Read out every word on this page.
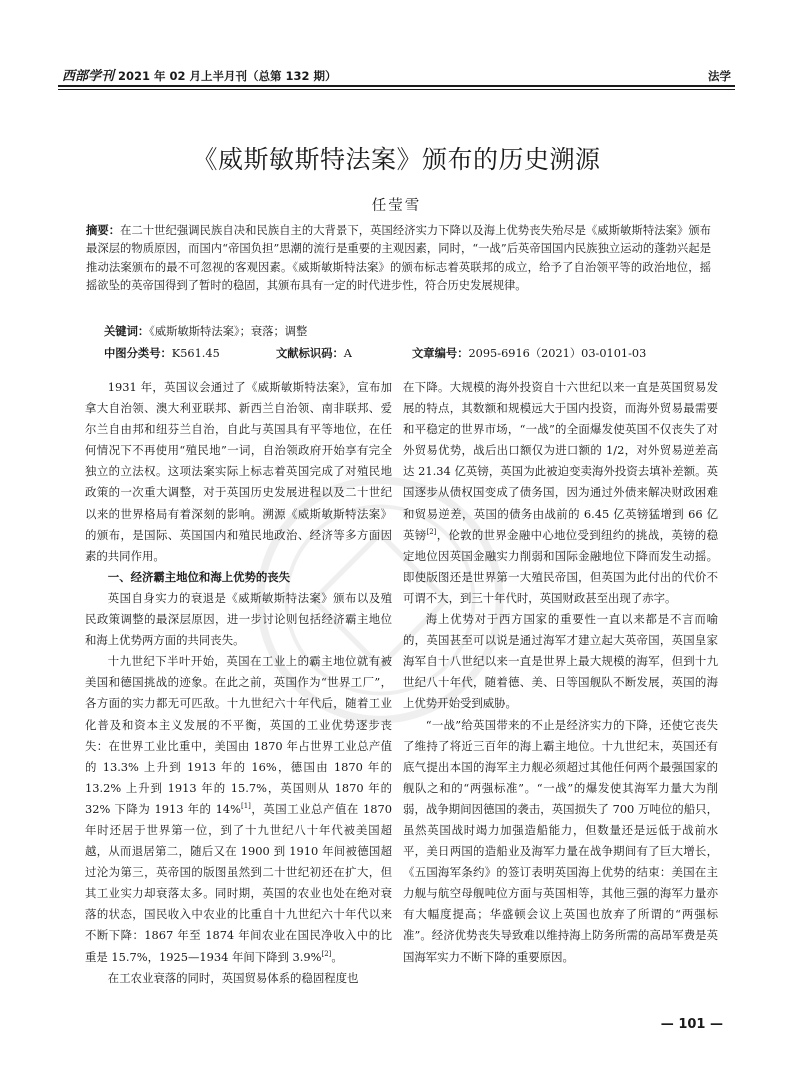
西部学刊 2021 年 02 月上半月刊（总第 132 期）	法学
《威斯敏斯特法案》颁布的历史溯源
任莹雪
摘要：在二十世纪强调民族自决和民族自主的大背景下，英国经济实力下降以及海上优势丧失殆尽是《威斯敏斯特法案》颁布最深层的物质原因，而国内“帝国负担”思潮的流行是重要的主观因素，同时，“一战”后英帝国国内民族独立运动的蓬勃兴起是推动法案颁布的最不可忽视的客观因素。《威斯敏斯特法案》的颁布标志着英联邦的成立，给予了自治领平等的政治地位，摇摇欲坠的英帝国得到了暂时的稳固，其颁布具有一定的时代进步性，符合历史发展规律。
关键词：《威斯敏斯特法案》；衰落；调整
中图分类号：K561.45	文献标识码：A	文章编号：2095-6916（2021）03-0101-03

1931 年，英国议会通过了《威斯敏斯特法案》，宣布加拿大自治领、澳大利亚联邦、新西兰自治领、南非联邦、爱尔兰自由邦和纽芬兰自治，自此与英国具有平等地位，在任何情况下不再使用“殖民地”一词，自治领政府开始享有完全独立的立法权。这项法案实际上标志着英国完成了对殖民地政策的一次重大调整，对于英国历史发展进程以及二十世纪以来的世界格局有着深刻的影响。溯源《威斯敏斯特法案》的颁布，是国际、英国国内和殖民地政治、经济等多方面因素的共同作用。

一、经济霸主地位和海上优势的丧失

英国自身实力的衰退是《威斯敏斯特法案》颁布以及殖民政策调整的最深层原因，进一步讨论则包括经济霸主地位和海上优势两方面的共同丧失。

十九世纪下半叶开始，英国在工业上的霸主地位就有被美国和德国挑战的迹象。在此之前，英国作为“世界工厂”，各方面的实力都无可匹敌。十九世纪六十年代后，随着工业化普及和资本主义发展的不平衡，英国的工业优势逐步丧失：在世界工业比重中，美国由 1870 年占世界工业总产值的 13.3% 上升到 1913 年的 16%，德国由 1870 年的 13.2% 上升到 1913 年的 15.7%，英国则从 1870 年的 32% 下降为 1913 年的 14%[1]，英国工业总产值在 1870 年时还居于世界第一位，到了十九世纪八十年代被美国超越，从而退居第二，随后又在 1900 到 1910 年间被德国超过沦为第三，英帝国的版图虽然到二十世纪初还在扩大，但其工业实力却衰落太多。同时期，英国的农业也处在绝对衰落的状态，国民收入中农业的比重自十九世纪六十年代以来不断下降：1867 年至 1874 年间农业在国民净收入中的比重是 15.7%，1925—1934 年间下降到 3.9%[2]。

在工农业衰落的同时，英国贸易体系的稳固程度也

在下降。大规模的海外投资自十六世纪以来一直是英国贸易发展的特点，其数额和规模远大于国内投资，而海外贸易最需要和平稳定的世界市场，“一战”的全面爆发使英国不仅丧失了对外贸易优势，战后出口额仅为进口额的 1/2，对外贸易逆差高达 21.34 亿英镑，英国为此被迫变卖海外投资去填补差额。英国逐步从债权国变成了债务国，因为通过外债来解决财政困难和贸易逆差，英国的债务由战前的 6.45 亿英镑猛增到 66 亿英镑[2]，伦敦的世界金融中心地位受到纽约的挑战，英镑的稳定地位因英国金融实力削弱和国际金融地位下降而发生动摇。即使版图还是世界第一大殖民帝国，但英国为此付出的代价不可谓不大，到三十年代时，英国财政甚至出现了赤字。

海上优势对于西方国家的重要性一直以来都是不言而喻的，英国甚至可以说是通过海军才建立起大英帝国，英国皇家海军自十八世纪以来一直是世界上最大规模的海军，但到十九世纪八十年代，随着德、美、日等国舰队不断发展，英国的海上优势开始受到威胁。

“一战”给英国带来的不止是经济实力的下降，还使它丧失了维持了将近三百年的海上霸主地位。十九世纪末，英国还有底气提出本国的海军主力舰必须超过其他任何两个最强国家的舰队之和的“两强标准”。“一战”的爆发使其海军力量大为削弱，战争期间因德国的袭击，英国损失了 700 万吨位的船只，虽然英国战时竭力加强造船能力，但数量还是远低于战前水平，美日两国的造船业及海军力量在战争期间有了巨大增长，《五国海军条约》的签订表明英国海上优势的结束：美国在主力舰与航空母舰吨位方面与英国相等，其他三强的海军力量亦有大幅度提高；华盛顿会议上英国也放弃了所谓的“两强标准”。经济优势丧失导致难以维持海上防务所需的高昂军费是英国海军实力不断下降的重要原因。

— 101 —
